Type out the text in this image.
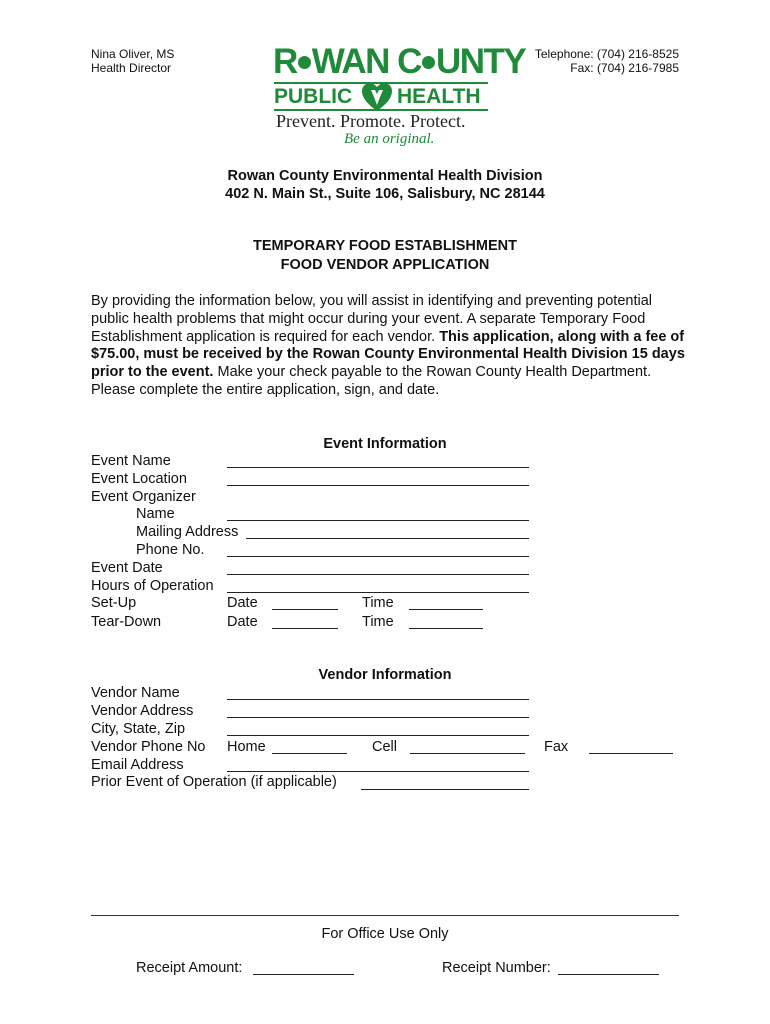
Nina Oliver, MS
Health Director
Telephone: (704) 216-8525
Fax: (704) 216-7985
R WAN C UNTY
PUBLIC HEALTH
Prevent. Promote. Protect.
Be an original.
Rowan County Environmental Health Division
402 N. Main St., Suite 106, Salisbury, NC 28144
TEMPORARY FOOD ESTABLISHMENT
FOOD VENDOR APPLICATION
By providing the information below, you will assist in identifying and preventing potential public health problems that might occur during your event. A separate Temporary Food Establishment application is required for each vendor. This application, along with a fee of $75.00, must be received by the Rowan County Environmental Health Division 15 days prior to the event. Make your check payable to the Rowan County Health Department. Please complete the entire application, sign, and date.
Event Information
Event Name
Event Location
Event Organizer
Name
Mailing Address
Phone No.
Event Date
Hours of Operation
Set-Up	Date	Time
Tear-Down	Date	Time
Vendor Information
Vendor Name
Vendor Address
City, State, Zip
Vendor Phone No Home	Cell	Fax
Email Address
Prior Event of Operation (if applicable)
For Office Use Only
Receipt Amount:	Receipt Number:
